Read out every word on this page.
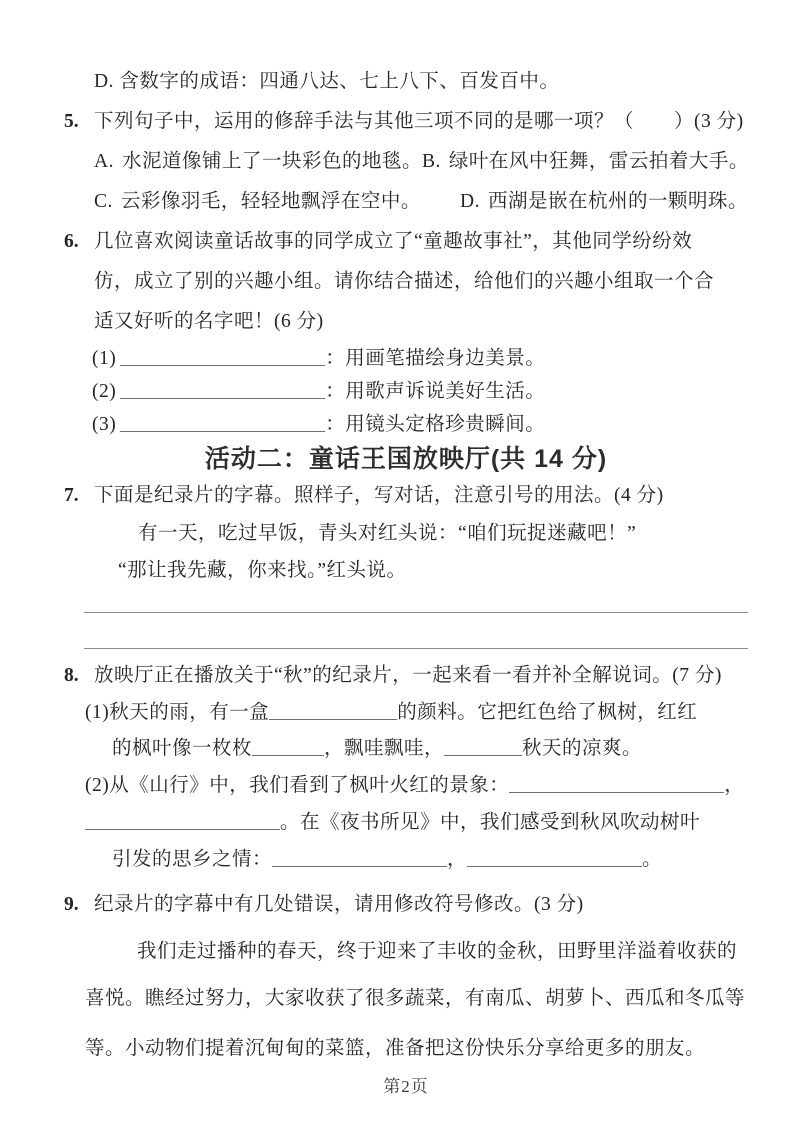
D. 含数字的成语：四通八达、七上八下、百发百中。
5. 下列句子中，运用的修辞手法与其他三项不同的是哪一项？（　　）(3 分)
A. 水泥道像铺上了一块彩色的地毯。 B. 绿叶在风中狂舞，雷云拍着大手。
C. 云彩像羽毛，轻轻地飘浮在空中。 D. 西湖是嵌在杭州的一颗明珠。
6. 几位喜欢阅读童话故事的同学成立了“童趣故事社”，其他同学纷纷效
仿，成立了别的兴趣小组。请你结合描述，给他们的兴趣小组取一个合
适又好听的名字吧！(6 分)
(1)	：用画笔描绘身边美景。
(2)	：用歌声诉说美好生活。
(3)	：用镜头定格珍贵瞬间。
活动二：童话王国放映厅(共 14 分)
7. 下面是纪录片的字幕。照样子，写对话，注意引号的用法。(4 分)
有一天，吃过早饭，青头对红头说：“咱们玩捉迷藏吧！”
“那让我先藏，你来找。”红头说。
8. 放映厅正在播放关于“秋”的纪录片，一起来看一看并补全解说词。(7 分)
(1)秋天的雨，有一盒	的颜料。它把红色给了枫树，红红
的枫叶像一枚枚	，飘哇飘哇，	秋天的凉爽。
(2)从《山行》中，我们看到了枫叶火红的景象：	，
。在《夜书所见》中，我们感受到秋风吹动树叶
引发的思乡之情：	，	。
9. 纪录片的字幕中有几处错误，请用修改符号修改。(3 分)
我们走过播种的春天，终于迎来了丰收的金秋，田野里洋溢着收获的
喜悦。瞧经过努力，大家收获了很多蔬菜，有南瓜、胡萝卜、西瓜和冬瓜等
等。小动物们提着沉甸甸的菜篮，准备把这份快乐分享给更多的朋友。
第2页
